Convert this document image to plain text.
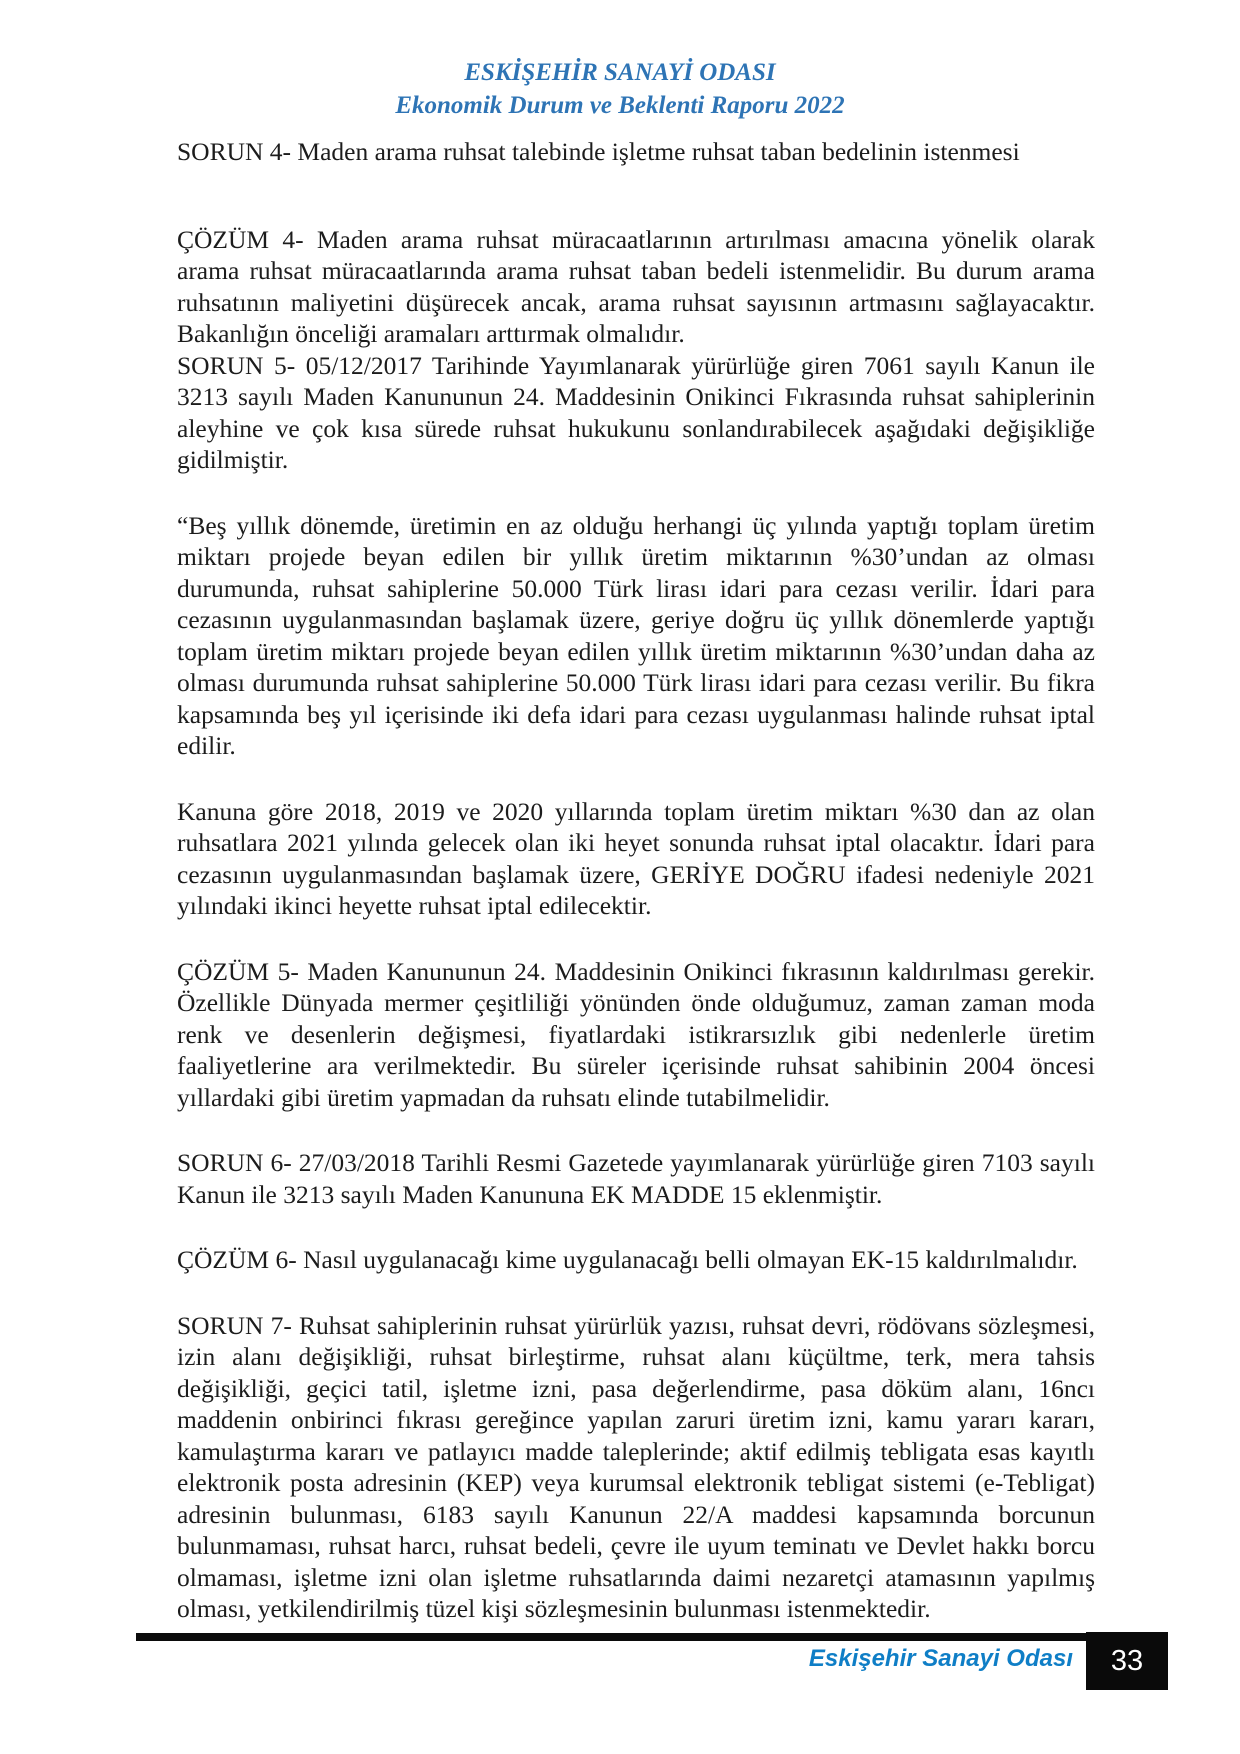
ESKİŞEHİR SANAYİ ODASI
Ekonomik Durum ve Beklenti Raporu 2022

SORUN 4- Maden arama ruhsat talebinde işletme ruhsat taban bedelinin istenmesi

ÇÖZÜM 4- Maden arama ruhsat müracaatlarının artırılması amacına yönelik olarak arama ruhsat müracaatlarında arama ruhsat taban bedeli istenmelidir. Bu durum arama ruhsatının maliyetini düşürecek ancak, arama ruhsat sayısının artmasını sağlayacaktır. Bakanlığın önceliği aramaları arttırmak olmalıdır.

SORUN 5- 05/12/2017 Tarihinde Yayımlanarak yürürlüğe giren 7061 sayılı Kanun ile 3213 sayılı Maden Kanununun 24. Maddesinin Onikinci Fıkrasında ruhsat sahiplerinin aleyhine ve çok kısa sürede ruhsat hukukunu sonlandırabilecek aşağıdaki değişikliğe gidilmiştir.

“Beş yıllık dönemde, üretimin en az olduğu herhangi üç yılında yaptığı toplam üretim miktarı projede beyan edilen bir yıllık üretim miktarının %30’undan az olması durumunda, ruhsat sahiplerine 50.000 Türk lirası idari para cezası verilir. İdari para cezasının uygulanmasından başlamak üzere, geriye doğru üç yıllık dönemlerde yaptığı toplam üretim miktarı projede beyan edilen yıllık üretim miktarının %30’undan daha az olması durumunda ruhsat sahiplerine 50.000 Türk lirası idari para cezası verilir. Bu fikra kapsamında beş yıl içerisinde iki defa idari para cezası uygulanması halinde ruhsat iptal edilir.

Kanuna göre 2018, 2019 ve 2020 yıllarında toplam üretim miktarı %30 dan az olan ruhsatlara 2021 yılında gelecek olan iki heyet sonunda ruhsat iptal olacaktır. İdari para cezasının uygulanmasından başlamak üzere, GERİYE DOĞRU ifadesi nedeniyle 2021 yılındaki ikinci heyette ruhsat iptal edilecektir.

ÇÖZÜM 5- Maden Kanununun 24. Maddesinin Onikinci fıkrasının kaldırılması gerekir. Özellikle Dünyada mermer çeşitliliği yönünden önde olduğumuz, zaman zaman moda renk ve desenlerin değişmesi, fiyatlardaki istikrarsızlık gibi nedenlerle üretim faaliyetlerine ara verilmektedir. Bu süreler içerisinde ruhsat sahibinin 2004 öncesi yıllardaki gibi üretim yapmadan da ruhsatı elinde tutabilmelidir.

SORUN 6- 27/03/2018 Tarihli Resmi Gazetede yayımlanarak yürürlüğe giren 7103 sayılı Kanun ile 3213 sayılı Maden Kanununa EK MADDE 15 eklenmiştir.

ÇÖZÜM 6- Nasıl uygulanacağı kime uygulanacağı belli olmayan EK-15 kaldırılmalıdır.

SORUN 7- Ruhsat sahiplerinin ruhsat yürürlük yazısı, ruhsat devri, rödövans sözleşmesi, izin alanı değişikliği, ruhsat birleştirme, ruhsat alanı küçültme, terk, mera tahsis değişikliği, geçici tatil, işletme izni, pasa değerlendirme, pasa döküm alanı, 16ncı maddenin onbirinci fıkrası gereğince yapılan zaruri üretim izni, kamu yararı kararı, kamulaştırma kararı ve patlayıcı madde taleplerinde; aktif edilmiş tebligata esas kayıtlı elektronik posta adresinin (KEP) veya kurumsal elektronik tebligat sistemi (e-Tebligat) adresinin bulunması, 6183 sayılı Kanunun 22/A maddesi kapsamında borcunun bulunmaması, ruhsat harcı, ruhsat bedeli, çevre ile uyum teminatı ve Devlet hakkı borcu olmaması, işletme izni olan işletme ruhsatlarında daimi nezaretçi atamasının yapılmış olması, yetkilendirilmiş tüzel kişi sözleşmesinin bulunması istenmektedir.

Eskişehir Sanayi Odası 33
